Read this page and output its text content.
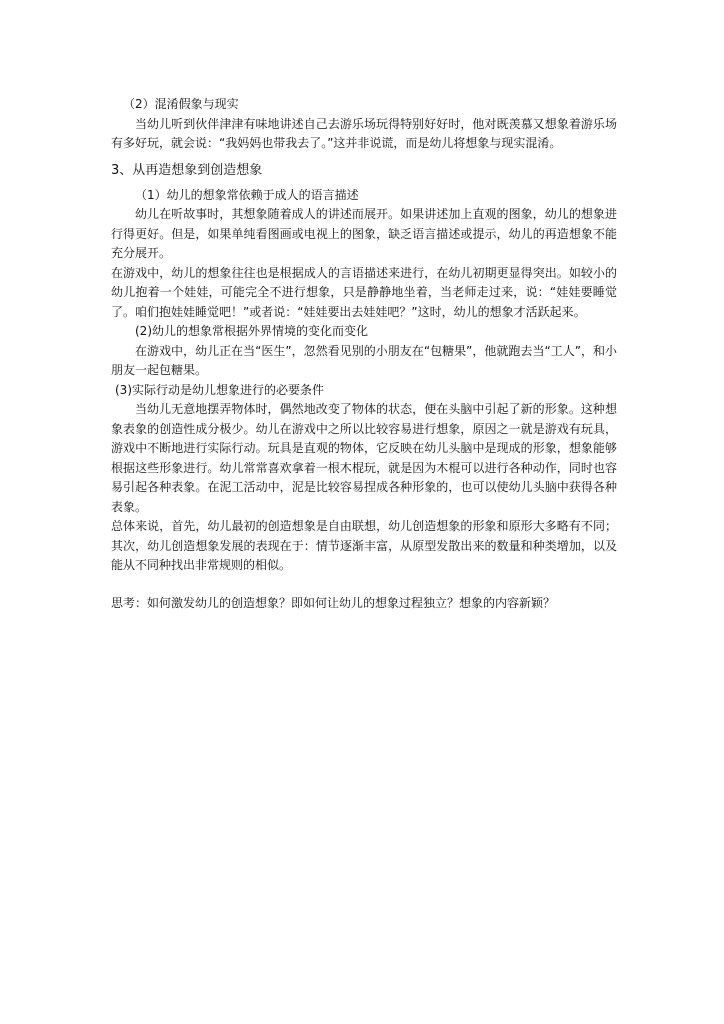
（2）混淆假象与现实

当幼儿听到伙伴津津有味地讲述自己去游乐场玩得特别好好时，他对既羡慕又想象着游乐场有多好玩，就会说：“我妈妈也带我去了。”这并非说谎，而是幼儿将想象与现实混淆。

3、从再造想象到创造想象

（1）幼儿的想象常依赖于成人的语言描述

幼儿在听故事时，其想象随着成人的讲述而展开。如果讲述加上直观的图象，幼儿的想象进行得更好。但是，如果单纯看图画或电视上的图象，缺乏语言描述或提示，幼儿的再造想象不能充分展开。

在游戏中，幼儿的想象往往也是根据成人的言语描述来进行，在幼儿初期更显得突出。如较小的幼儿抱着一个娃娃，可能完全不进行想象，只是静静地坐着，当老师走过来，说：“娃娃要睡觉了。咱们抱娃娃睡觉吧！”或者说：“娃娃要出去娃娃吧？”这时，幼儿的想象才活跃起来。

(2)幼儿的想象常根据外界情境的变化而变化

在游戏中，幼儿正在当“医生”，忽然看见别的小朋友在“包糖果”，他就跑去当“工人”，和小朋友一起包糖果。

(3)实际行动是幼儿想象进行的必要条件

当幼儿无意地摆弄物体时，偶然地改变了物体的状态，便在头脑中引起了新的形象。这种想象表象的创造性成分极少。幼儿在游戏中之所以比较容易进行想象，原因之一就是游戏有玩具，游戏中不断地进行实际行动。玩具是直观的物体，它反映在幼儿头脑中是现成的形象，想象能够根据这些形象进行。幼儿常常喜欢拿着一根木棍玩，就是因为木棍可以进行各种动作，同时也容易引起各种表象。在泥工活动中，泥是比较容易捏成各种形象的，也可以使幼儿头脑中获得各种表象。

总体来说，首先，幼儿最初的创造想象是自由联想，幼儿创造想象的形象和原形大多略有不同；其次，幼儿创造想象发展的表现在于：情节逐渐丰富，从原型发散出来的数量和种类增加，以及能从不同种找出非常规则的相似。

思考：如何激发幼儿的创造想象？即如何让幼儿的想象过程独立？想象的内容新颖？
